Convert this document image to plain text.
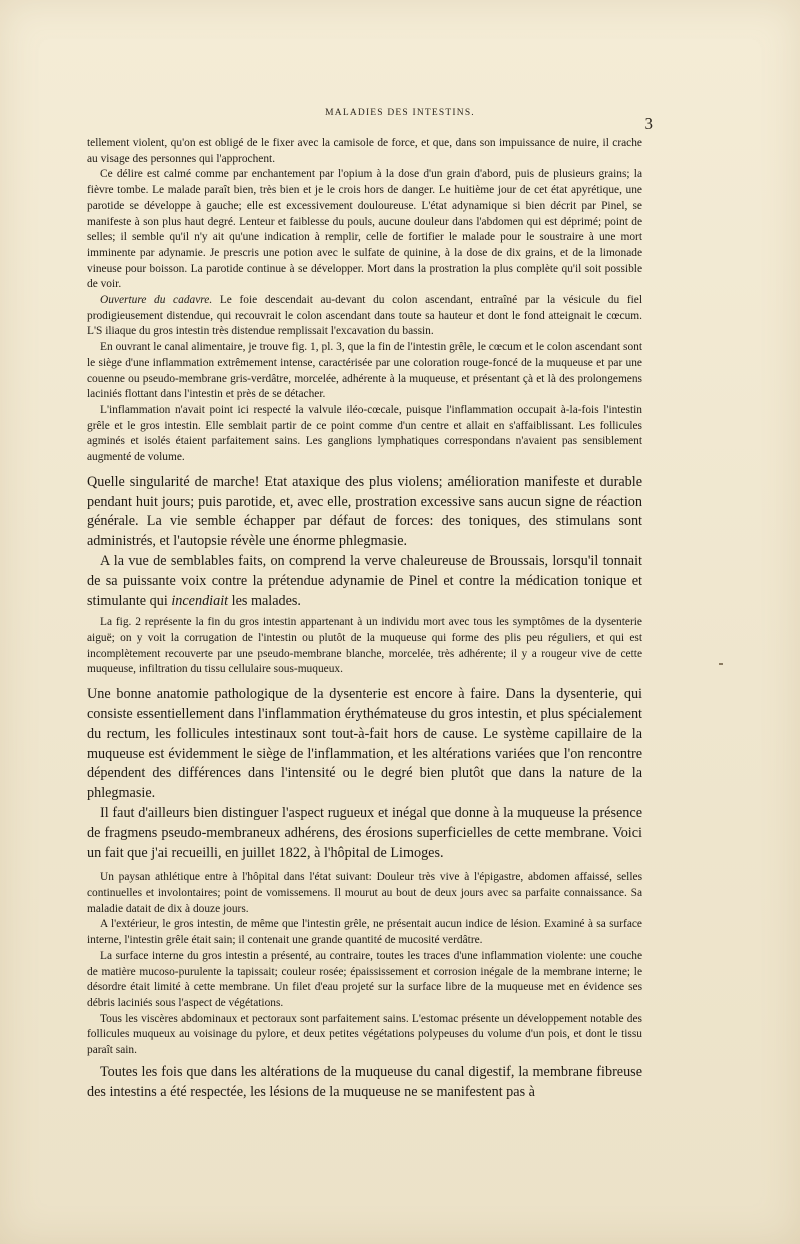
MALADIES DES INTESTINS.
3

tellement violent, qu'on est obligé de le fixer avec la camisole de force, et que, dans son impuissance de nuire, il crache au visage des personnes qui l'approchent.

Ce délire est calmé comme par enchantement par l'opium à la dose d'un grain d'abord, puis de plusieurs grains; la fièvre tombe. Le malade paraît bien, très bien et je le crois hors de danger. Le huitième jour de cet état apyrétique, une parotide se développe à gauche; elle est excessivement douloureuse. L'état adynamique si bien décrit par Pinel, se manifeste à son plus haut degré. Lenteur et faiblesse du pouls, aucune douleur dans l'abdomen qui est déprimé; point de selles; il semble qu'il n'y ait qu'une indication à remplir, celle de fortifier le malade pour le soustraire à une mort imminente par adynamie. Je prescris une potion avec le sulfate de quinine, à la dose de dix grains, et de la limonade vineuse pour boisson. La parotide continue à se développer. Mort dans la prostration la plus complète qu'il soit possible de voir.

Ouverture du cadavre. Le foie descendait au-devant du colon ascendant, entraîné par la vésicule du fiel prodigieusement distendue, qui recouvrait le colon ascendant dans toute sa hauteur et dont le fond atteignait le cœcum. L'S iliaque du gros intestin très distendue remplissait l'excavation du bassin.

En ouvrant le canal alimentaire, je trouve fig. 1, pl. 3, que la fin de l'intestin grêle, le cœcum et le colon ascendant sont le siège d'une inflammation extrêmement intense, caractérisée par une coloration rouge-foncé de la muqueuse et par une couenne ou pseudo-membrane gris-verdâtre, morcelée, adhérente à la muqueuse, et présentant çà et là des prolongemens laciniés flottant dans l'intestin et près de se détacher.

L'inflammation n'avait point ici respecté la valvule iléo-cœcale, puisque l'inflammation occupait à-la-fois l'intestin grêle et le gros intestin. Elle semblait partir de ce point comme d'un centre et allait en s'affaiblissant. Les follicules agminés et isolés étaient parfaitement sains. Les ganglions lymphatiques correspondans n'avaient pas sensiblement augmenté de volume.

Quelle singularité de marche! Etat ataxique des plus violens; amélioration manifeste et durable pendant huit jours; puis parotide, et, avec elle, prostration excessive sans aucun signe de réaction générale. La vie semble échapper par défaut de forces: des toniques, des stimulans sont administrés, et l'autopsie révèle une énorme phlegmasie.

A la vue de semblables faits, on comprend la verve chaleureuse de Broussais, lorsqu'il tonnait de sa puissante voix contre la prétendue adynamie de Pinel et contre la médication tonique et stimulante qui incendiait les malades.

La fig. 2 représente la fin du gros intestin appartenant à un individu mort avec tous les symptômes de la dysenterie aiguë; on y voit la corrugation de l'intestin ou plutôt de la muqueuse qui forme des plis peu réguliers, et qui est incomplètement recouverte par une pseudo-membrane blanche, morcelée, très adhérente; il y a rougeur vive de cette muqueuse, infiltration du tissu cellulaire sous-muqueux.

Une bonne anatomie pathologique de la dysenterie est encore à faire. Dans la dysenterie, qui consiste essentiellement dans l'inflammation érythémateuse du gros intestin, et plus spécialement du rectum, les follicules intestinaux sont tout-à-fait hors de cause. Le système capillaire de la muqueuse est évidemment le siège de l'inflammation, et les altérations variées que l'on rencontre dépendent des différences dans l'intensité ou le degré bien plutôt que dans la nature de la phlegmasie.

Il faut d'ailleurs bien distinguer l'aspect rugueux et inégal que donne à la muqueuse la présence de fragmens pseudo-membraneux adhérens, des érosions superficielles de cette membrane. Voici un fait que j'ai recueilli, en juillet 1822, à l'hôpital de Limoges.

Un paysan athlétique entre à l'hôpital dans l'état suivant: Douleur très vive à l'épigastre, abdomen affaissé, selles continuelles et involontaires; point de vomissemens. Il mourut au bout de deux jours avec sa parfaite connaissance. Sa maladie datait de dix à douze jours.

A l'extérieur, le gros intestin, de même que l'intestin grêle, ne présentait aucun indice de lésion. Examiné à sa surface interne, l'intestin grêle était sain; il contenait une grande quantité de mucosité verdâtre.

La surface interne du gros intestin a présenté, au contraire, toutes les traces d'une inflammation violente: une couche de matière mucoso-purulente la tapissait; couleur rosée; épaississement et corrosion inégale de la membrane interne; le désordre était limité à cette membrane. Un filet d'eau projeté sur la surface libre de la muqueuse met en évidence ses débris laciniés sous l'aspect de végétations.

Tous les viscères abdominaux et pectoraux sont parfaitement sains. L'estomac présente un développement notable des follicules muqueux au voisinage du pylore, et deux petites végétations polypeuses du volume d'un pois, et dont le tissu paraît sain.

Toutes les fois que dans les altérations de la muqueuse du canal digestif, la membrane fibreuse des intestins a été respectée, les lésions de la muqueuse ne se manifestent pas à
